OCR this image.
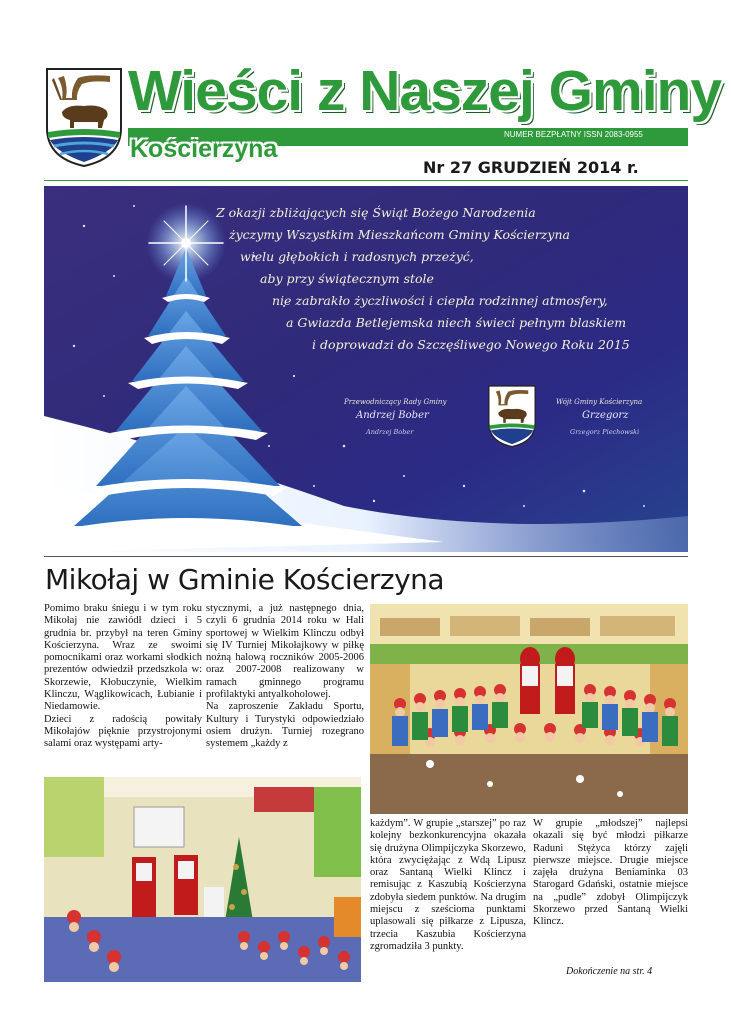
NUMER BEZPŁATNY ISSN 2083-0955
Wieści z Naszej Gminy
Kościerzyna
Nr 27 GRUDZIEŃ 2014 r.
Z okazji zbliżających się Świąt Bożego Narodzenia
życzymy Wszystkim Mieszkańcom Gminy Kościerzyna
wielu głębokich i radosnych przeżyć,
aby przy świątecznym stole
nie zabrakło życzliwości i ciepła rodzinnej atmosfery,
a Gwiazda Betlejemska niech świeci pełnym blaskiem
i doprowadzi do Szczęśliwego Nowego Roku 2015
Przewodniczący Rady Gminy
Andrzej Bober
Andrzej Bober
Wójt Gminy Kościerzyna
Grzegorz
Grzegorz Piechowski
Mikołaj w Gminie Kościerzyna

Pomimo braku śniegu i w tym roku Mikołaj nie zawiódł dzieci i 5 grudnia br. przybył na teren Gminy Kościerzyna. Wraz ze swoimi pomocnikami oraz workami słodkich prezentów odwiedził przedszkola w: Skorzewie, Kłobuczynie, Wielkim Klinczu, Wąglikowicach, Łubianie i Niedamowie.

Dzieci z radością powitały Mikołajów pięknie przystrojonymi salami oraz występami arty-

stycznymi, a już następnego dnia, czyli 6 grudnia 2014 roku w Hali sportowej w Wielkim Klinczu odbył się IV Turniej Mikołajkowy w piłkę nożną halową roczników 2005-2006 oraz 2007-2008 realizowany w ramach gminnego programu profilaktyki antyalkoholowej.

Na zaproszenie Zakładu Sportu, Kultury i Turystyki odpowiedziało osiem drużyn. Turniej rozegrano systemem „każdy z

każdym”. W grupie „starszej” po raz kolejny bezkonkurencyjna okazała się drużyna Olimpijczyka Skorzewo, która zwyciężając z Wdą Lipusz oraz Santaną Wielki Klincz i remisując z Kaszubią Kościerzyna zdobyła siedem punktów. Na drugim miejscu z sześcioma punktami uplasowali się piłkarze z Lipusza, trzecia Kaszubia Kościerzyna zgromadziła 3 punkty.

W grupie „młodszej” najlepsi okazali się być młodzi piłkarze Raduni Stężyca którzy zajęli pierwsze miejsce. Drugie miejsce zajęła drużyna Beniaminka 03 Starogard Gdański, ostatnie miejsce na „pudle” zdobył Olimpijczyk Skorzewo przed Santaną Wielki Klincz.

Dokończenie na str. 4
